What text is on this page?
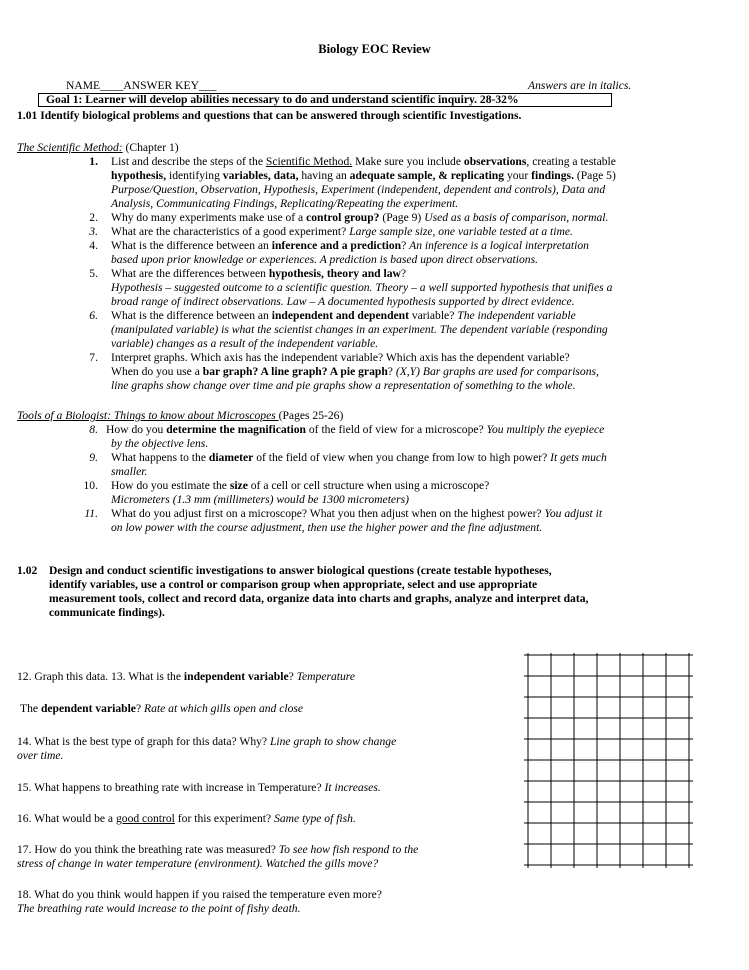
Biology EOC Review
NAME____ANSWER KEY___	Answers are in italics.
Goal 1: Learner will develop abilities necessary to do and understand scientific inquiry. 28-32%
1.01 Identify biological problems and questions that can be answered through scientific Investigations.
The Scientific Method: (Chapter 1)
1. List and describe the steps of the Scientific Method. Make sure you include observations, creating a testable
hypothesis, identifying variables, data, having an adequate sample, & replicating your findings. (Page 5)
Purpose/Question, Observation, Hypothesis, Experiment (independent, dependent and controls), Data and
Analysis, Communicating Findings, Replicating/Repeating the experiment.
2. Why do many experiments make use of a control group? (Page 9) Used as a basis of comparison, normal.
3. What are the characteristics of a good experiment? Large sample size, one variable tested at a time.
4. What is the difference between an inference and a prediction? An inference is a logical interpretation
based upon prior knowledge or experiences. A prediction is based upon direct observations.
5. What are the differences between hypothesis, theory and law?
Hypothesis – suggested outcome to a scientific question. Theory – a well supported hypothesis that unifies a
broad range of indirect observations. Law – A documented hypothesis supported by direct evidence.
6. What is the difference between an independent and dependent variable? The independent variable
(manipulated variable) is what the scientist changes in an experiment. The dependent variable (responding
variable) changes as a result of the independent variable.
7. Interpret graphs. Which axis has the independent variable? Which axis has the dependent variable?
When do you use a bar graph? A line graph? A pie graph? (X,Y) Bar graphs are used for comparisons,
line graphs show change over time and pie graphs show a representation of something to the whole.
Tools of a Biologist: Things to know about Microscopes (Pages 25-26)
8. How do you determine the magnification of the field of view for a microscope? You multiply the eyepiece
by the objective lens.
9. What happens to the diameter of the field of view when you change from low to high power? It gets much
smaller.
10. How do you estimate the size of a cell or cell structure when using a microscope?
Micrometers (1.3 mm (millimeters) would be 1300 micrometers)
11. What do you adjust first on a microscope? What you then adjust when on the highest power? You adjust it
on low power with the course adjustment, then use the higher power and the fine adjustment.
1.02 Design and conduct scientific investigations to answer biological questions (create testable hypotheses,
identify variables, use a control or comparison group when appropriate, select and use appropriate
measurement tools, collect and record data, organize data into charts and graphs, analyze and interpret data,
communicate findings).
12. Graph this data. 13. What is the independent variable? Temperature
The dependent variable? Rate at which gills open and close
14. What is the best type of graph for this data? Why? Line graph to show change
over time.
15. What happens to breathing rate with increase in Temperature? It increases.
16. What would be a good control for this experiment? Same type of fish.
17. How do you think the breathing rate was measured? To see how fish respond to the
stress of change in water temperature (environment). Watched the gills move?
18. What do you think would happen if you raised the temperature even more?
The breathing rate would increase to the point of fishy death.
